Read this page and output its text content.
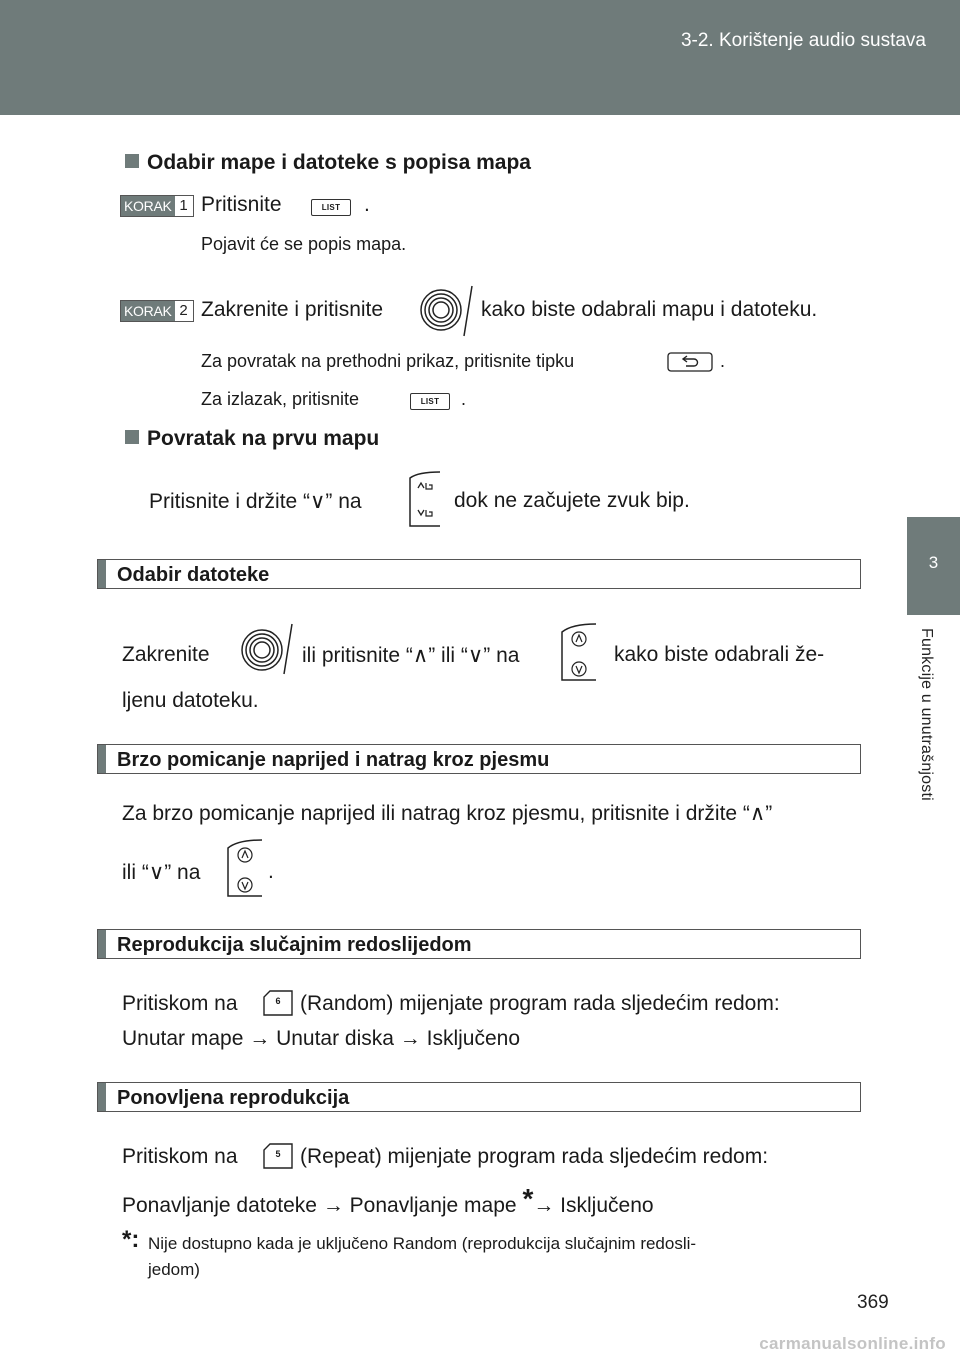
3-2. Korištenje audio sustava
3
Funkcije u unutrašnjosti
Odabir mape i datoteke s popisa mapa
KORAK 1 Pritisnite	LIST	.
Pojavit će se popis mapa.
KORAK 2 Zakrenite i pritisnite	kako biste odabrali mapu i datoteku.
Za povratak na prethodni prikaz, pritisnite tipku	.
Za izlazak, pritisnite	LIST	.
Povratak na prvu mapu
Pritisnite i držite “∨” na	dok ne začujete zvuk bip.
Odabir datoteke
Zakrenite	ili pritisnite “∧” ili “∨” na	kako biste odabrali že-
ljenu datoteku.
Brzo pomicanje naprijed i natrag kroz pjesmu
Za brzo pomicanje naprijed ili natrag kroz pjesmu, pritisnite i držite “∧”
ili “∨” na	.
Reprodukcija slučajnim redoslijedom
Pritiskom na	6 (Random) mijenjate program rada sljedećim redom:
Unutar mape → Unutar diska → Isključeno
Ponovljena reprodukcija
Pritiskom na	5 (Repeat) mijenjate program rada sljedećim redom:
Ponavljanje datoteke → Ponavljanje mape *→ Isključeno
*: Nije dostupno kada je uključeno Random (reprodukcija slučajnim redosli-
jedom)
369
carmanualsonline.info
